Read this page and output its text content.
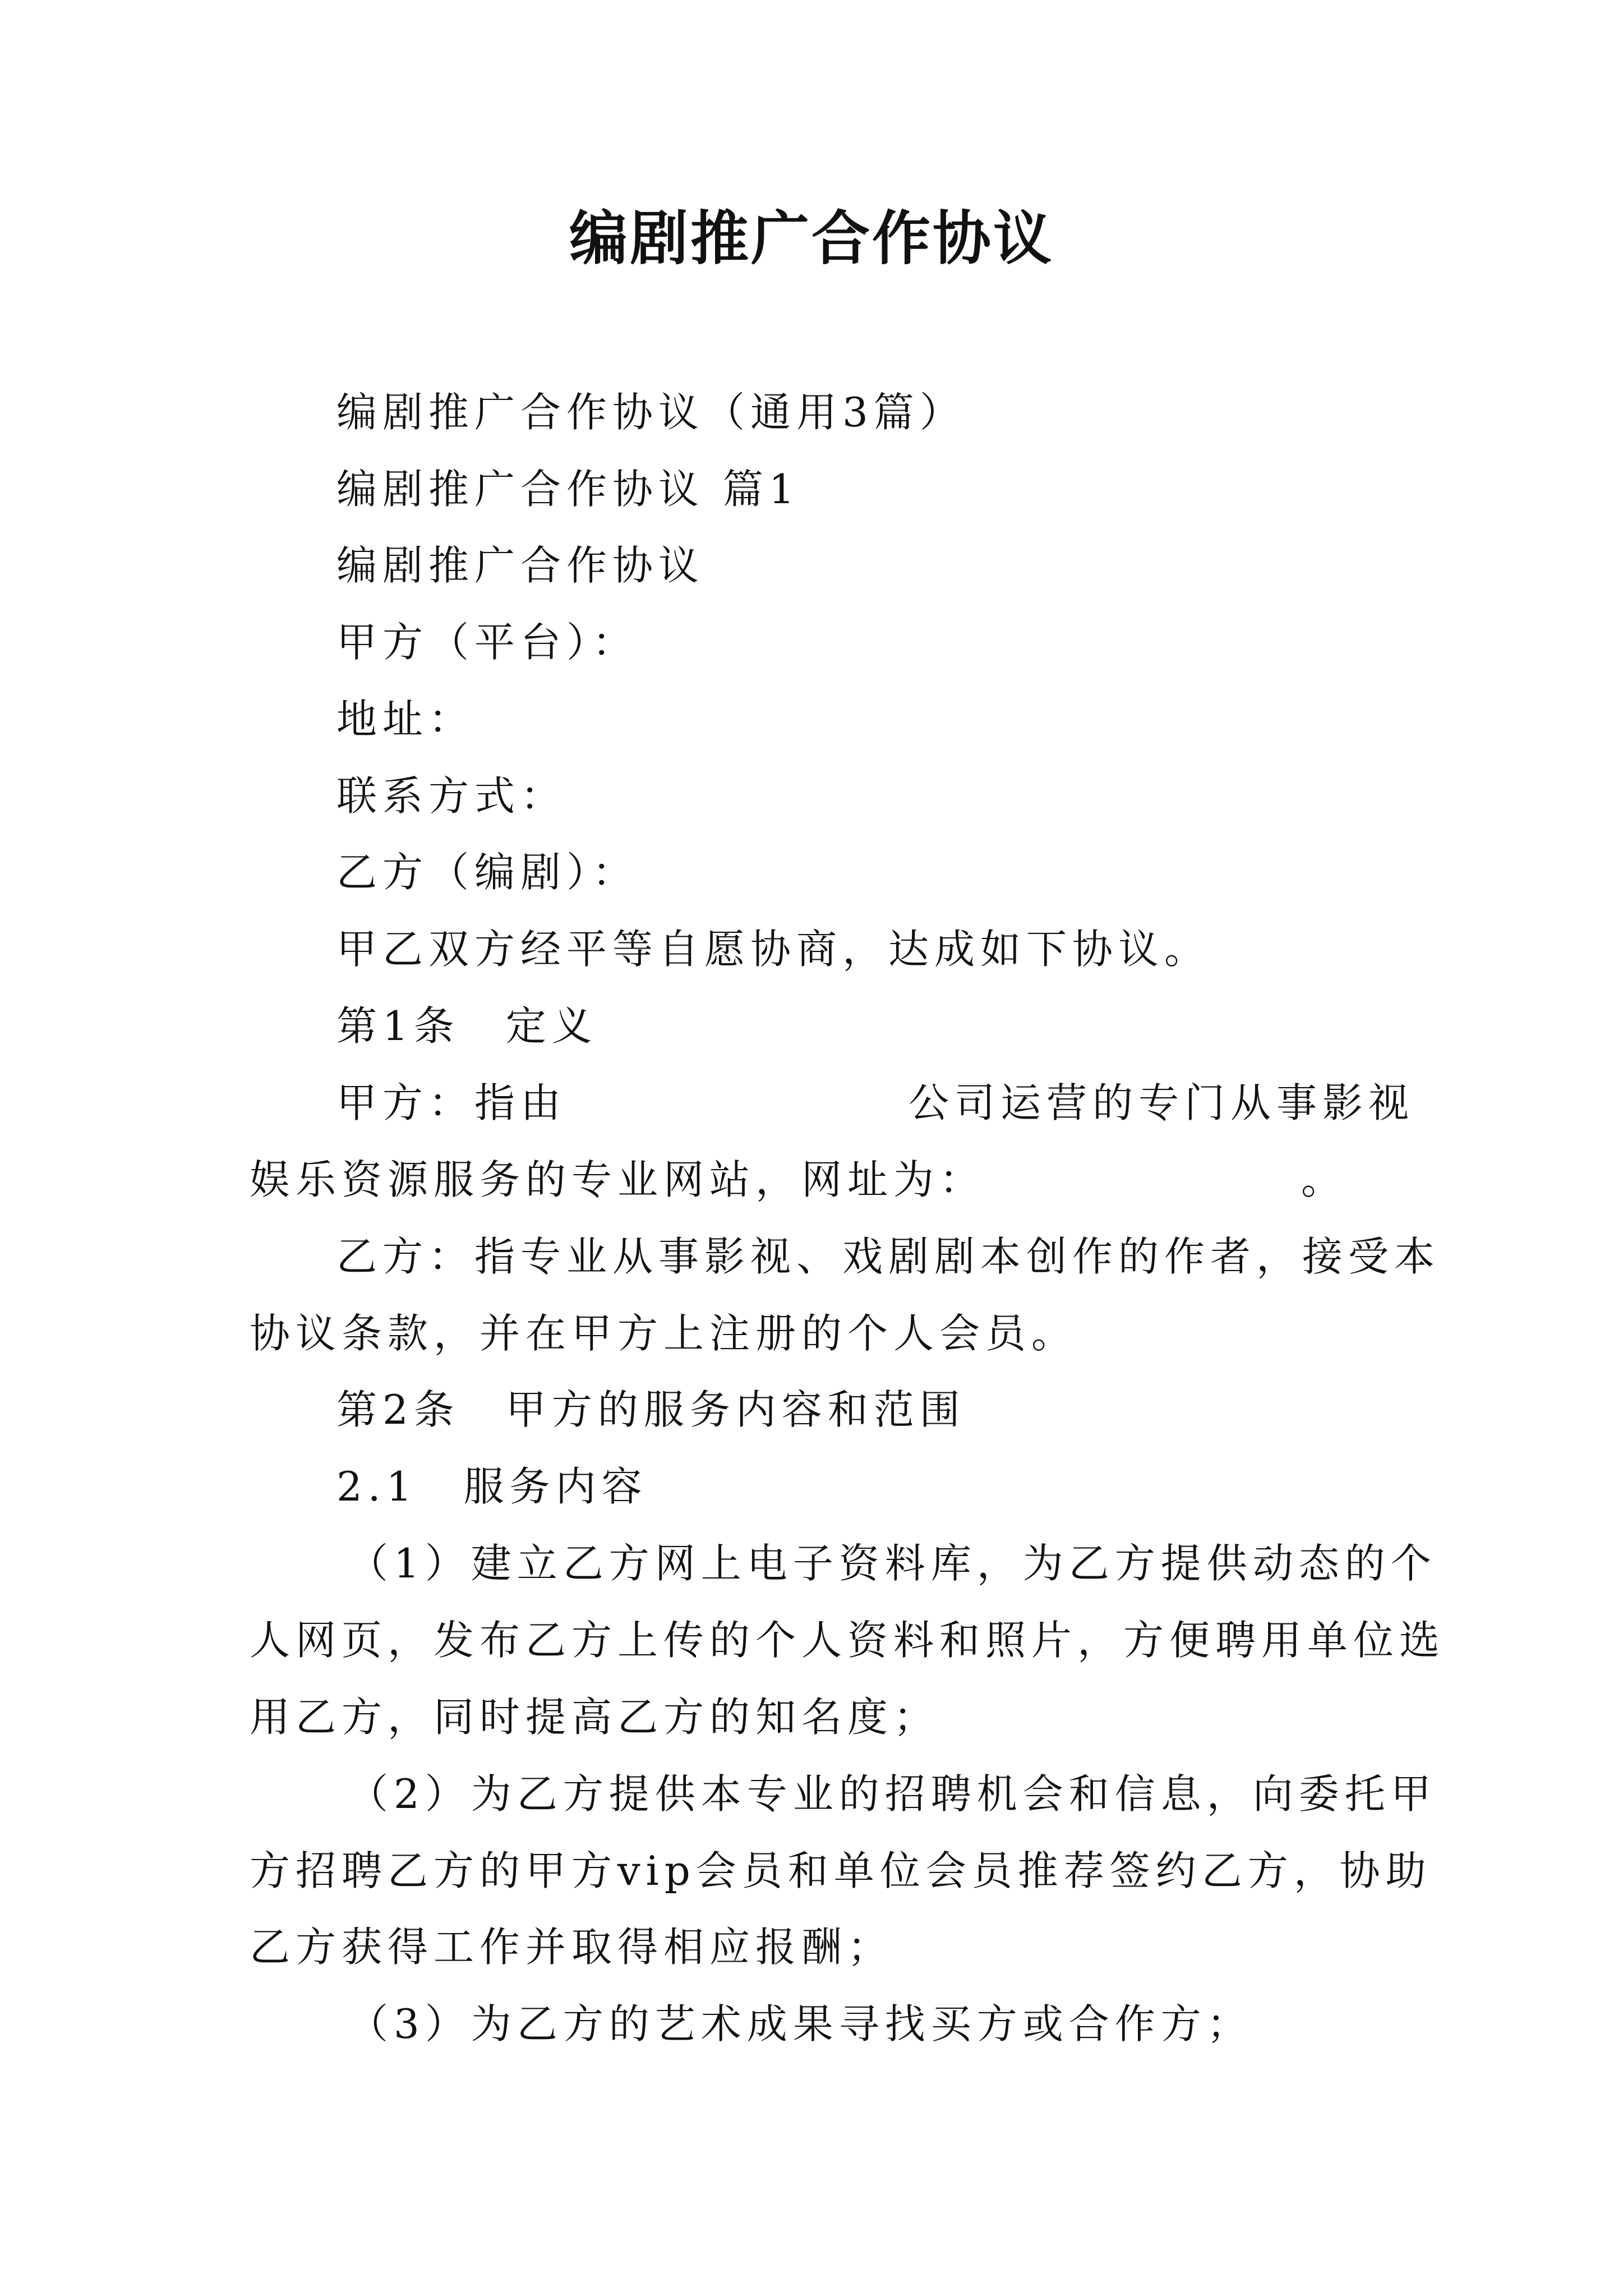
编剧推广合作协议
编剧推广合作协议（通用3篇）
编剧推广合作协议 篇1
编剧推广合作协议
甲方（平台）：
地址：
联系方式：
乙方（编剧）：
甲乙双方经平等自愿协商，达成如下协议。
第1条　定义
甲方：指由	公司运营的专门从事影视
娱乐资源服务的专业网站，网址为：	。
乙方：指专业从事影视、戏剧剧本创作的作者，接受本
协议条款，并在甲方上注册的个人会员。
第2条　甲方的服务内容和范围
2.1　服务内容
（1）建立乙方网上电子资料库，为乙方提供动态的个
人网页，发布乙方上传的个人资料和照片，方便聘用单位选
用乙方，同时提高乙方的知名度；
（2）为乙方提供本专业的招聘机会和信息，向委托甲
方招聘乙方的甲方vip会员和单位会员推荐签约乙方，协助
乙方获得工作并取得相应报酬；
（3）为乙方的艺术成果寻找买方或合作方；
